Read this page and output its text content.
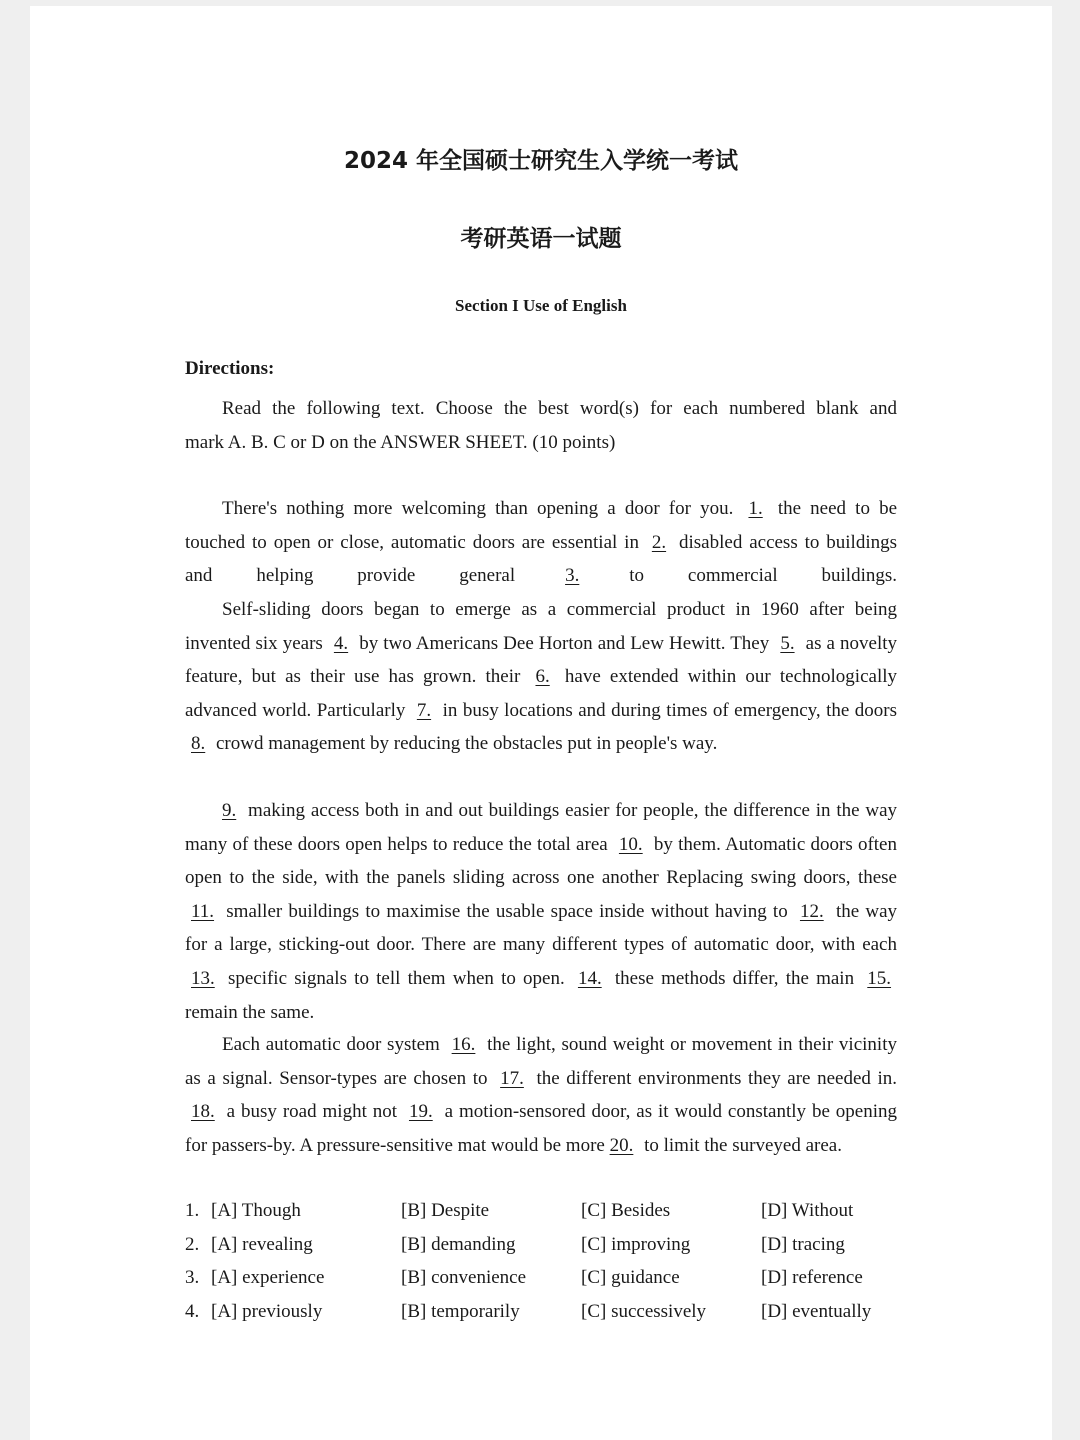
2024 年全国硕士研究生入学统一考试
考研英语一试题
Section I Use of English
Directions:
Read the following text. Choose the best word(s) for each numbered blank and
mark A. B. C or D on the ANSWER SHEET. (10 points)
There's nothing more welcoming than opening a door for you. 1. the need to be touched to open or close, automatic doors are essential in 2. disabled access to buildings and helping provide general	3.	to commercial buildings.
Self-sliding doors began to emerge as a commercial product in 1960 after being invented six years 4. by two Americans Dee Horton and Lew Hewitt. They 5. as a novelty feature, but as their use has grown. their 6. have extended within our technologically advanced world. Particularly 7. in busy locations and during times of emergency, the doors 8. crowd management by reducing the obstacles put in people's way.
9. making access both in and out buildings easier for people, the difference in the way many of these doors open helps to reduce the total area 10. by them. Automatic doors often open to the side, with the panels sliding across one another Replacing swing doors, these 11. smaller buildings to maximise the usable space inside without having to 12. the way for a large, sticking-out door. There are many different types of automatic door, with each 13. specific signals to tell them when to open. 14. these methods differ, the main 15. remain the same.
Each automatic door system 16. the light, sound weight or movement in their vicinity as a signal. Sensor-types are chosen to 17. the different environments they are needed in. 18. a busy road might not 19. a motion-sensored door, as it would constantly be opening for passers-by. A pressure-sensitive mat would be more 20. to limit the surveyed area.
1. [A] Though	[B] Despite	[C] Besides	[D] Without
2. [A] revealing	[B] demanding	[C] improving	[D] tracing
3. [A] experience	[B] convenience	[C] guidance	[D] reference
4. [A] previously	[B] temporarily	[C] successively	[D] eventually
